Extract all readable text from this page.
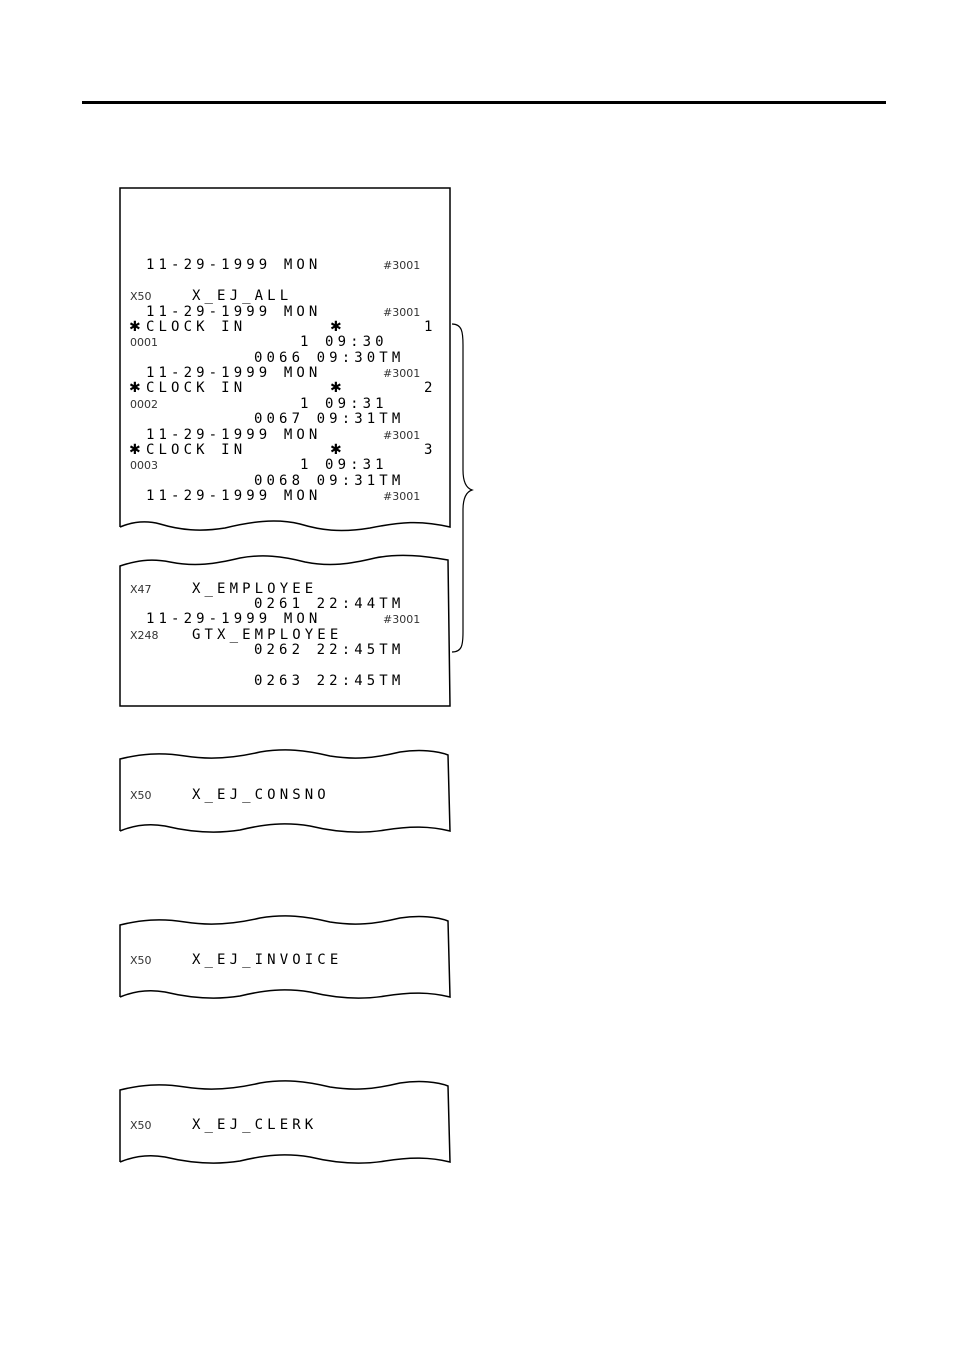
11-29-1999 MON	#3001
X50	X_EJ_ALL
11-29-1999 MON	#3001
✱ CLOCK IN	✱	1
0001	1 09:30
0066 09:30TM
11-29-1999 MON	#3001
✱ CLOCK IN	✱	2
0002	1 09:31
0067 09:31TM
11-29-1999 MON	#3001
✱ CLOCK IN	✱	3
0003	1 09:31
0068 09:31TM
11-29-1999 MON	#3001
X47	X_EMPLOYEE
0261 22:44TM
11-29-1999 MON	#3001
X248 GTX_EMPLOYEE
0262 22:45TM
0263 22:45TM
X50	X_EJ_CONSNO
X50	X_EJ_INVOICE
X50	X_EJ_CLERK
